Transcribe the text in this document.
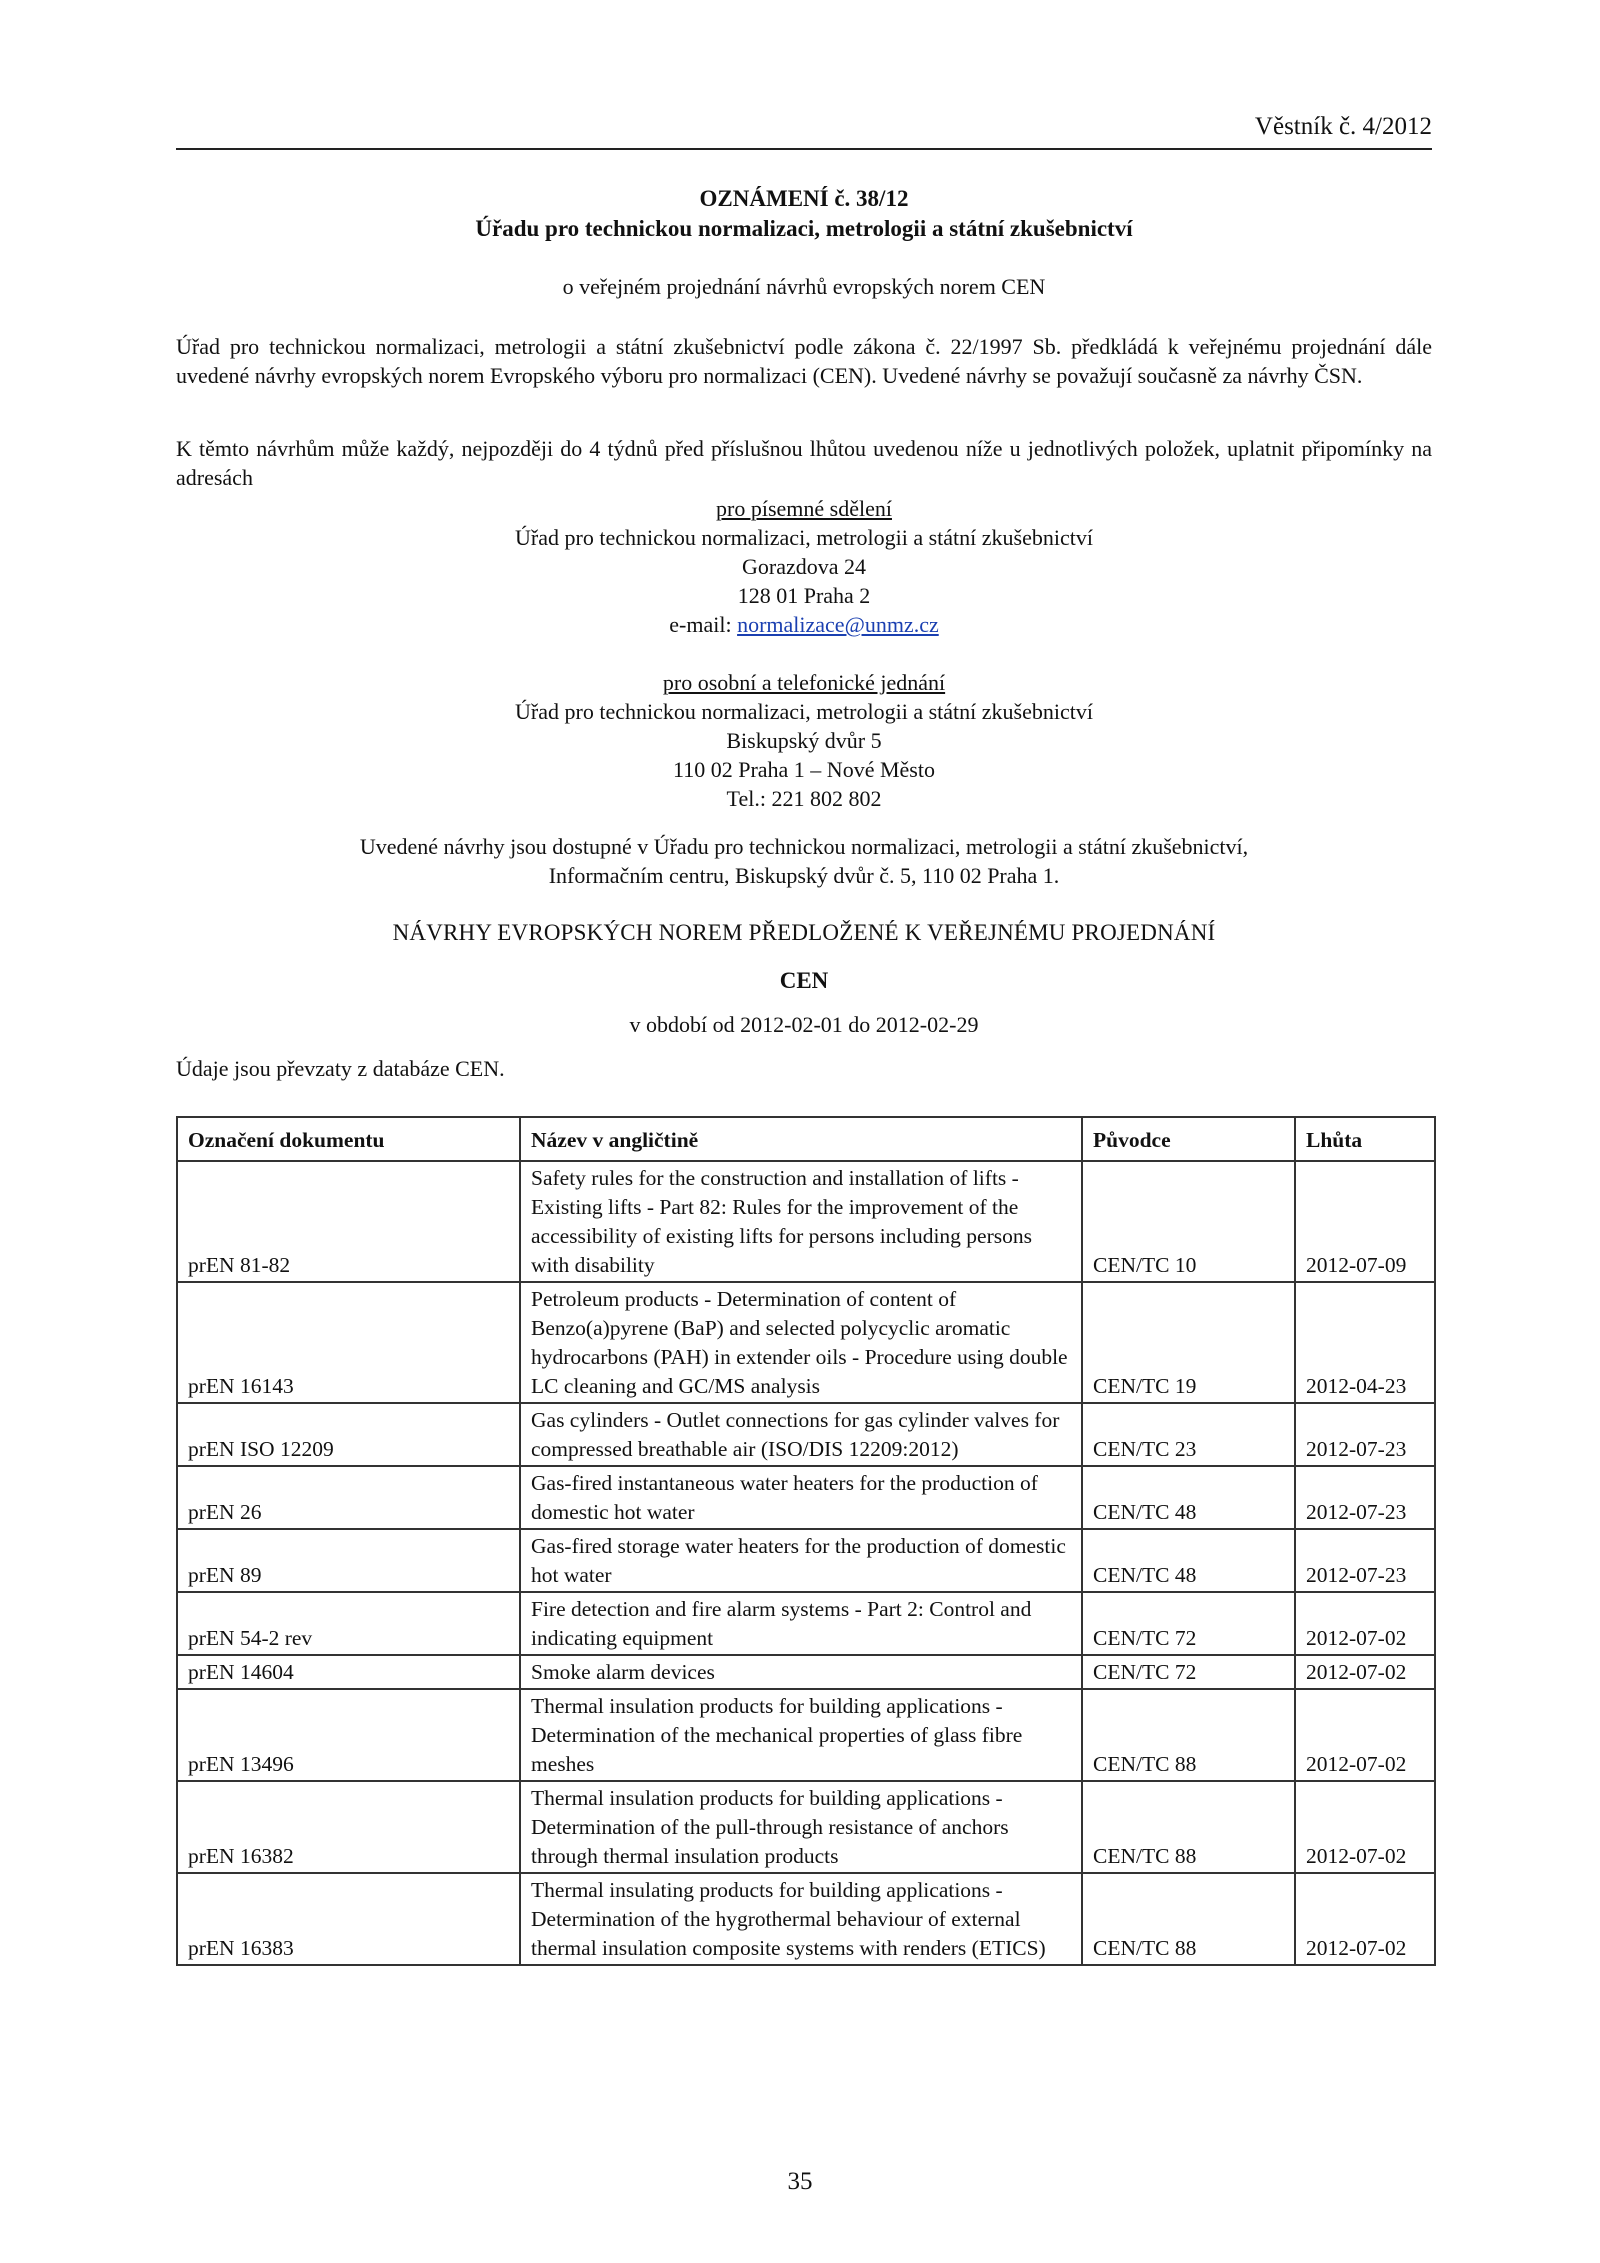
Věstník č. 4/2012
OZNÁMENÍ č. 38/12
Úřadu pro technickou normalizaci, metrologii a státní zkušebnictví
o veřejném projednání návrhů evropských norem CEN
Úřad pro technickou normalizaci, metrologii a státní zkušebnictví podle zákona č. 22/1997 Sb. předkládá k veřejnému projednání dále uvedené návrhy evropských norem Evropského výboru pro normalizaci (CEN). Uvedené návrhy se považují současně za návrhy ČSN.
K těmto návrhům může každý, nejpozději do 4 týdnů před příslušnou lhůtou uvedenou níže u jednotlivých položek, uplatnit připomínky na adresách
pro písemné sdělení
Úřad pro technickou normalizaci, metrologii a státní zkušebnictví
Gorazdova 24
128 01 Praha 2
e-mail: normalizace@unmz.cz
pro osobní a telefonické jednání
Úřad pro technickou normalizaci, metrologii a státní zkušebnictví
Biskupský dvůr 5
110 02 Praha 1 – Nové Město
Tel.: 221 802 802
Uvedené návrhy jsou dostupné v Úřadu pro technickou normalizaci, metrologii a státní zkušebnictví,
Informačním centru, Biskupský dvůr č. 5, 110 02 Praha 1.
NÁVRHY EVROPSKÝCH NOREM PŘEDLOŽENÉ K VEŘEJNÉMU PROJEDNÁNÍ
CEN
v období od 2012-02-01 do 2012-02-29
Údaje jsou převzaty z databáze CEN.
Označení dokumentu	Název v angličtině	Původce	Lhůta
prEN 81-82	Safety rules for the construction and installation of lifts - Existing lifts - Part 82: Rules for the improvement of the accessibility of existing lifts for persons including persons with disability	CEN/TC 10	2012-07-09
prEN 16143	Petroleum products - Determination of content of Benzo(a)pyrene (BaP) and selected polycyclic aromatic hydrocarbons (PAH) in extender oils - Procedure using double LC cleaning and GC/MS analysis	CEN/TC 19	2012-04-23
prEN ISO 12209	Gas cylinders - Outlet connections for gas cylinder valves for compressed breathable air (ISO/DIS 12209:2012)	CEN/TC 23	2012-07-23
prEN 26	Gas-fired instantaneous water heaters for the production of domestic hot water	CEN/TC 48	2012-07-23
prEN 89	Gas-fired storage water heaters for the production of domestic hot water	CEN/TC 48	2012-07-23
prEN 54-2 rev	Fire detection and fire alarm systems - Part 2: Control and indicating equipment	CEN/TC 72	2012-07-02
prEN 14604	Smoke alarm devices	CEN/TC 72	2012-07-02
prEN 13496	Thermal insulation products for building applications - Determination of the mechanical properties of glass fibre meshes	CEN/TC 88	2012-07-02
prEN 16382	Thermal insulation products for building applications - Determination of the pull-through resistance of anchors through thermal insulation products	CEN/TC 88	2012-07-02
prEN 16383	Thermal insulating products for building applications - Determination of the hygrothermal behaviour of external thermal insulation composite systems with renders (ETICS)	CEN/TC 88	2012-07-02
35
